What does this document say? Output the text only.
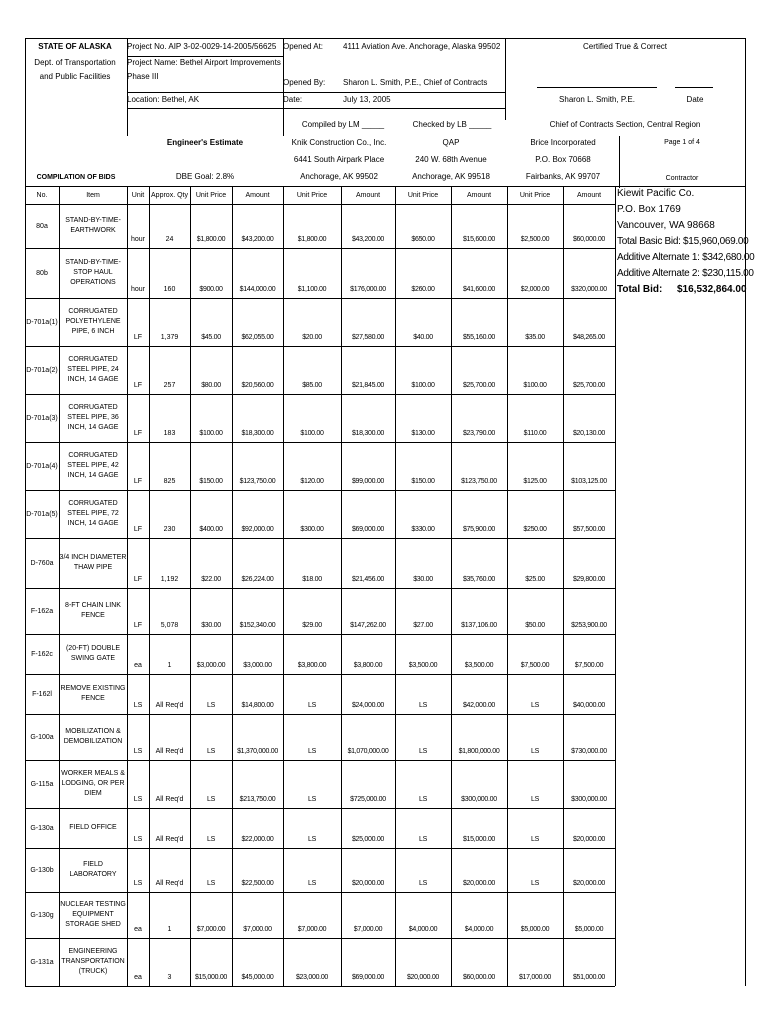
STATE OF ALASKA
Dept. of Transportation
and Public Facilities
Project No. AIP 3-02-0029-14-2005/56625
Project Name: Bethel Airport Improvements
Phase III
Location: Bethel, AK
Opened At: 4111 Aviation Ave. Anchorage, Alaska 99502
Opened By: Sharon L. Smith, P.E., Chief of Contracts
Date:	July 13, 2005
Certified True & Correct
Sharon L. Smith, P.E.	Date
Compiled by LM _____	Checked by LB _____	Chief of Contracts Section, Central Region
Engineer's Estimate	Knik Construction Co., Inc.
6441 South Airpark Place
Anchorage, AK 99502
QAP
240 W. 68th Avenue
Anchorage, AK 99518
Brice Incorporated
P.O. Box 70668
Fairbanks, AK 99707
Page 1 of 4
COMPILATION OF BIDS	DBE Goal: 2.8%	Contractor
No.	Item	Unit Approx. Qty	Unit Price	Amount	Unit Price	Amount	Unit Price	Amount	Unit Price	Amount
80a
STAND-BY-TIME-
EARTHWORK
hour	24	$1,800.00	$43,200.00	$1,800.00	$43,200.00	$650.00	$15,600.00	$2,500.00	$60,000.00
80b
STAND-BY-TIME-
STOP HAUL
OPERATIONS
hour	160	$900.00	$144,000.00	$1,100.00	$176,000.00	$260.00	$41,600.00	$2,000.00	$320,000.00
D-701a(1)
CORRUGATED
POLYETHYLENE
PIPE, 6 INCH
LF	1,379	$45.00	$62,055.00	$20.00	$27,580.00	$40.00	$55,160.00	$35.00	$48,265.00
D-701a(2)
CORRUGATED
STEEL PIPE, 24
INCH, 14 GAGE
LF	257	$80.00	$20,560.00	$85.00	$21,845.00	$100.00	$25,700.00	$100.00	$25,700.00
D-701a(3)
CORRUGATED
STEEL PIPE, 36
INCH, 14 GAGE
LF	183	$100.00	$18,300.00	$100.00	$18,300.00	$130.00	$23,790.00	$110.00	$20,130.00
D-701a(4)
CORRUGATED
STEEL PIPE, 42
INCH, 14 GAGE
LF	825	$150.00	$123,750.00	$120.00	$99,000.00	$150.00	$123,750.00	$125.00	$103,125.00
D-701a(5)
CORRUGATED
STEEL PIPE, 72
INCH, 14 GAGE
LF	230	$400.00	$92,000.00	$300.00	$69,000.00	$330.00	$75,900.00	$250.00	$57,500.00
D-760a
3/4 INCH DIAMETER
THAW PIPE
LF	1,192	$22.00	$26,224.00	$18.00	$21,456.00	$30.00	$35,760.00	$25.00	$29,800.00
F-162a
8-FT CHAIN LINK
FENCE
LF	5,078	$30.00	$152,340.00	$29.00	$147,262.00	$27.00	$137,106.00	$50.00	$253,900.00
F-162c
(20-FT) DOUBLE
SWING GATE
ea	1	$3,000.00	$3,000.00	$3,800.00	$3,800.00	$3,500.00	$3,500.00	$7,500.00	$7,500.00
F-162l
REMOVE EXISTING
FENCE
LS	All Req'd	LS	$14,800.00	LS	$24,000.00	LS	$42,000.00	LS	$40,000.00
G-100a
MOBILIZATION &
DEMOBILIZATION
LS	All Req'd	LS	$1,370,000.00	LS	$1,070,000.00	LS	$1,800,000.00	LS	$730,000.00
G-115a
WORKER MEALS &
LODGING, OR PER
DIEM
LS	All Req'd	LS	$213,750.00	LS	$725,000.00	LS	$300,000.00	LS	$300,000.00
G-130a	FIELD OFFICE
LS	All Req'd	LS	$22,000.00	LS	$25,000.00	LS	$15,000.00	LS	$20,000.00
G-130b
FIELD
LABORATORY
LS	All Req'd	LS	$22,500.00	LS	$20,000.00	LS	$20,000.00	LS	$20,000.00
G-130g
NUCLEAR TESTING
EQUIPMENT
STORAGE SHED
ea	1	$7,000.00	$7,000.00	$7,000.00	$7,000.00	$4,000.00	$4,000.00	$5,000.00	$5,000.00
G-131a
ENGINEERING
TRANSPORTATION
(TRUCK)
ea	3	$15,000.00	$45,000.00	$23,000.00	$69,000.00	$20,000.00	$60,000.00	$17,000.00	$51,000.00
Kiewit Pacific Co.
P.O. Box 1769
Vancouver, WA 98668
Total Basic Bid: $15,960,069.00
Additive Alternate 1: $342,680.00
Additive Alternate 2: $230,115.00
Total Bid: $16,532,864.00
